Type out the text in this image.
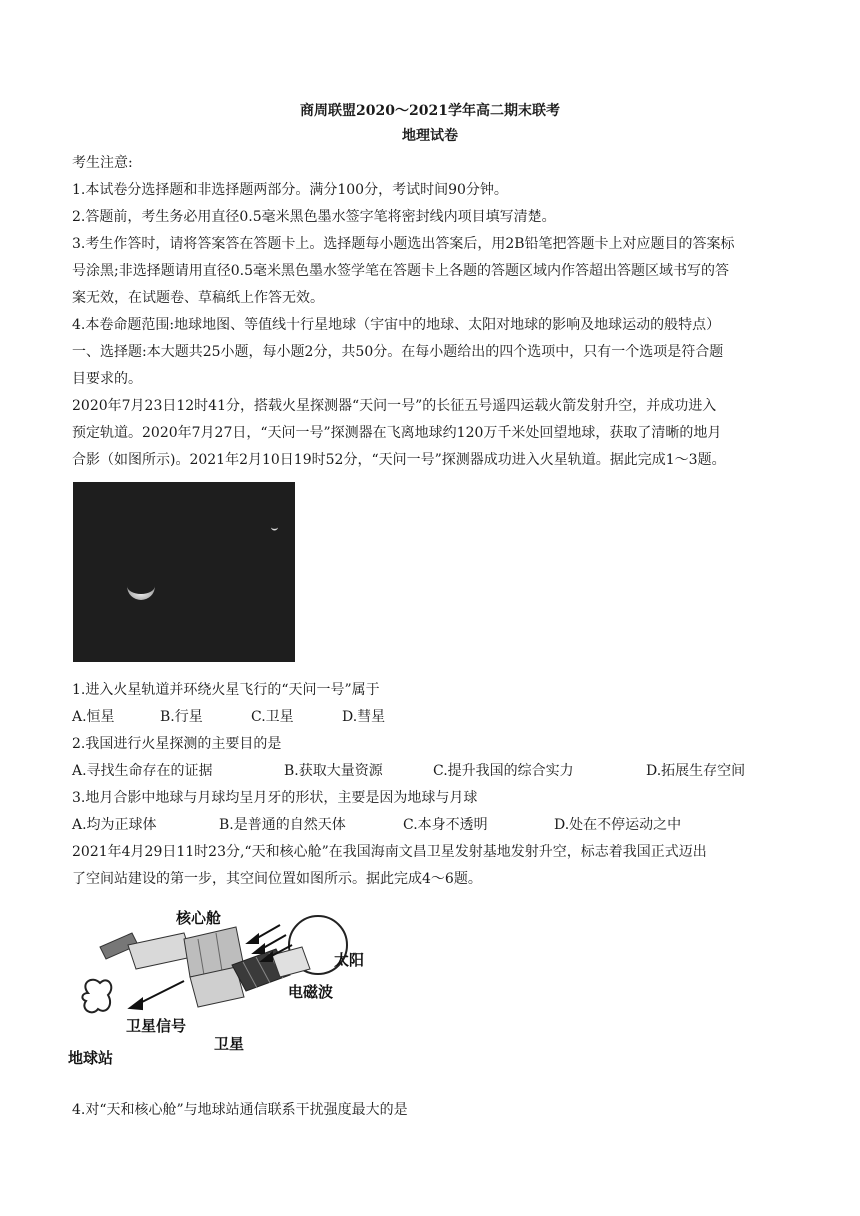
商周联盟2020～2021学年高二期末联考
地理试卷
考生注意:
1.本试卷分选择题和非选择题两部分。满分100分，考试时间90分钟。
2.答题前，考生务必用直径0.5毫米黑色墨水签字笔将密封线内项目填写清楚。
3.考生作答时，请将答案答在答题卡上。选择题每小题选出答案后，用2B铅笔把答题卡上对应题目的答案标
号涂黑;非选择题请用直径0.5毫米黑色墨水签学笔在答题卡上各题的答题区域内作答超出答题区域书写的答
案无效，在试题卷、草稿纸上作答无效。
4.本卷命题范围:地球地图、等值线十行星地球（宇宙中的地球、太阳对地球的影响及地球运动的般特点）
一、选择题:本大题共25小题，每小题2分，共50分。在每小题给出的四个选项中，只有一个选项是符合题
目要求的。
2020年7月23日12时41分，搭载火星探测器“天问一号”的长征五号遥四运载火箭发射升空，并成功进入
预定轨道。2020年7月27日，“天问一号”探测器在飞离地球约120万千米处回望地球，获取了清晰的地月
合影（如图所示)。2021年2月10日19时52分，“天问一号”探测器成功进入火星轨道。据此完成1～3题。
1.进入火星轨道并环绕火星飞行的“天问一号”属于
A.恒星	B.行星	C.卫星	D.彗星
2.我国进行火星探测的主要目的是
A.寻找生命存在的证据	B.获取大量资源	C.提升我国的综合实力	D.拓展生存空间
3.地月合影中地球与月球均呈月牙的形状，主要是因为地球与月球
A.均为正球体	B.是普通的自然天体	C.本身不透明	D.处在不停运动之中
2021年4月29日11时23分,“天和核心舱”在我国海南文昌卫星发射基地发射升空，标志着我国正式迈出
了空间站建设的第一步，其空间位置如图所示。据此完成4～6题。
核心舱
太阳
电磁波
卫星信号
卫星
地球站
4.对“天和核心舱”与地球站通信联系干扰强度最大的是
